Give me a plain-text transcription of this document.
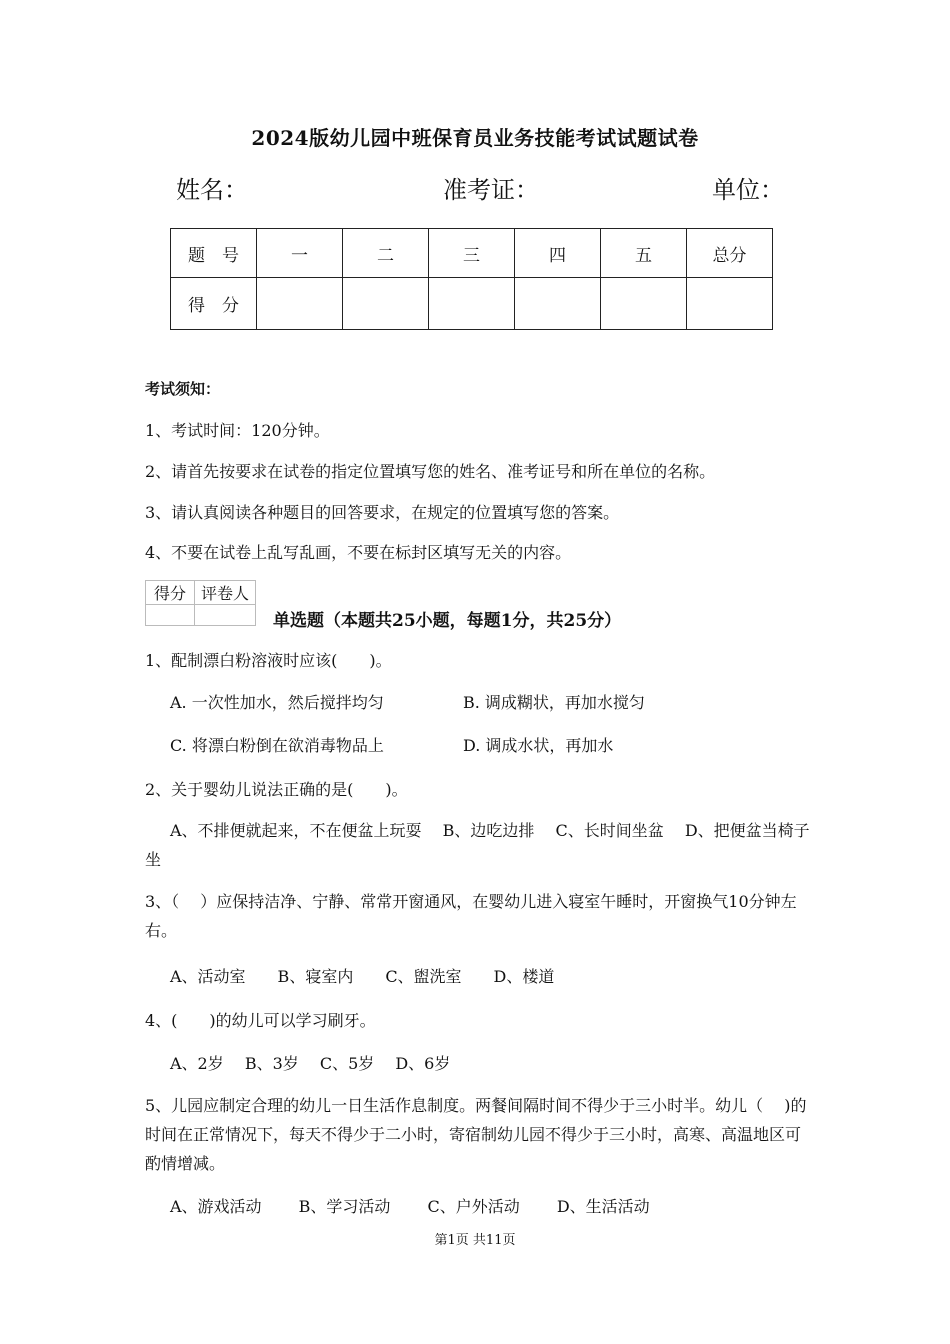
2024版幼儿园中班保育员业务技能考试试题试卷
姓名：	准考证：	单位：
题　号	一	二	三	四	五	总分
得　分						
考试须知：
1、考试时间：120分钟。
2、请首先按要求在试卷的指定位置填写您的姓名、准考证号和所在单位的名称。
3、请认真阅读各种题目的回答要求，在规定的位置填写您的答案。
4、不要在试卷上乱写乱画，不要在标封区填写无关的内容。
得分	评卷人

单选题（本题共25小题，每题1分，共25分）
1、配制漂白粉溶液时应该(　　)。
A. 一次性加水，然后搅拌均匀	B. 调成糊状，再加水搅匀
C. 将漂白粉倒在欲消毒物品上	D. 调成水状，再加水
2、关于婴幼儿说法正确的是(　　)。
　A、不排便就起来，不在便盆上玩耍　 B、边吃边排　 C、长时间坐盆　 D、把便盆当椅子坐
3、（　 ）应保持洁净、宁静、常常开窗通风，在婴幼儿进入寝室午睡时，开窗换气10分钟左右。
A、活动室　　B、寝室内　　C、盥洗室　　D、楼道
4、(　　)的幼儿可以学习刷牙。
A、2岁　 B、3岁　 C、5岁　 D、6岁
5、儿园应制定合理的幼儿一日生活作息制度。两餐间隔时间不得少于三小时半。幼儿（　 )的时间在正常情况下，每天不得少于二小时，寄宿制幼儿园不得少于三小时，高寒、高温地区可酌情增减。
A、游戏活动　　 B、学习活动　　 C、户外活动　　 D、生活活动
第1页 共11页
